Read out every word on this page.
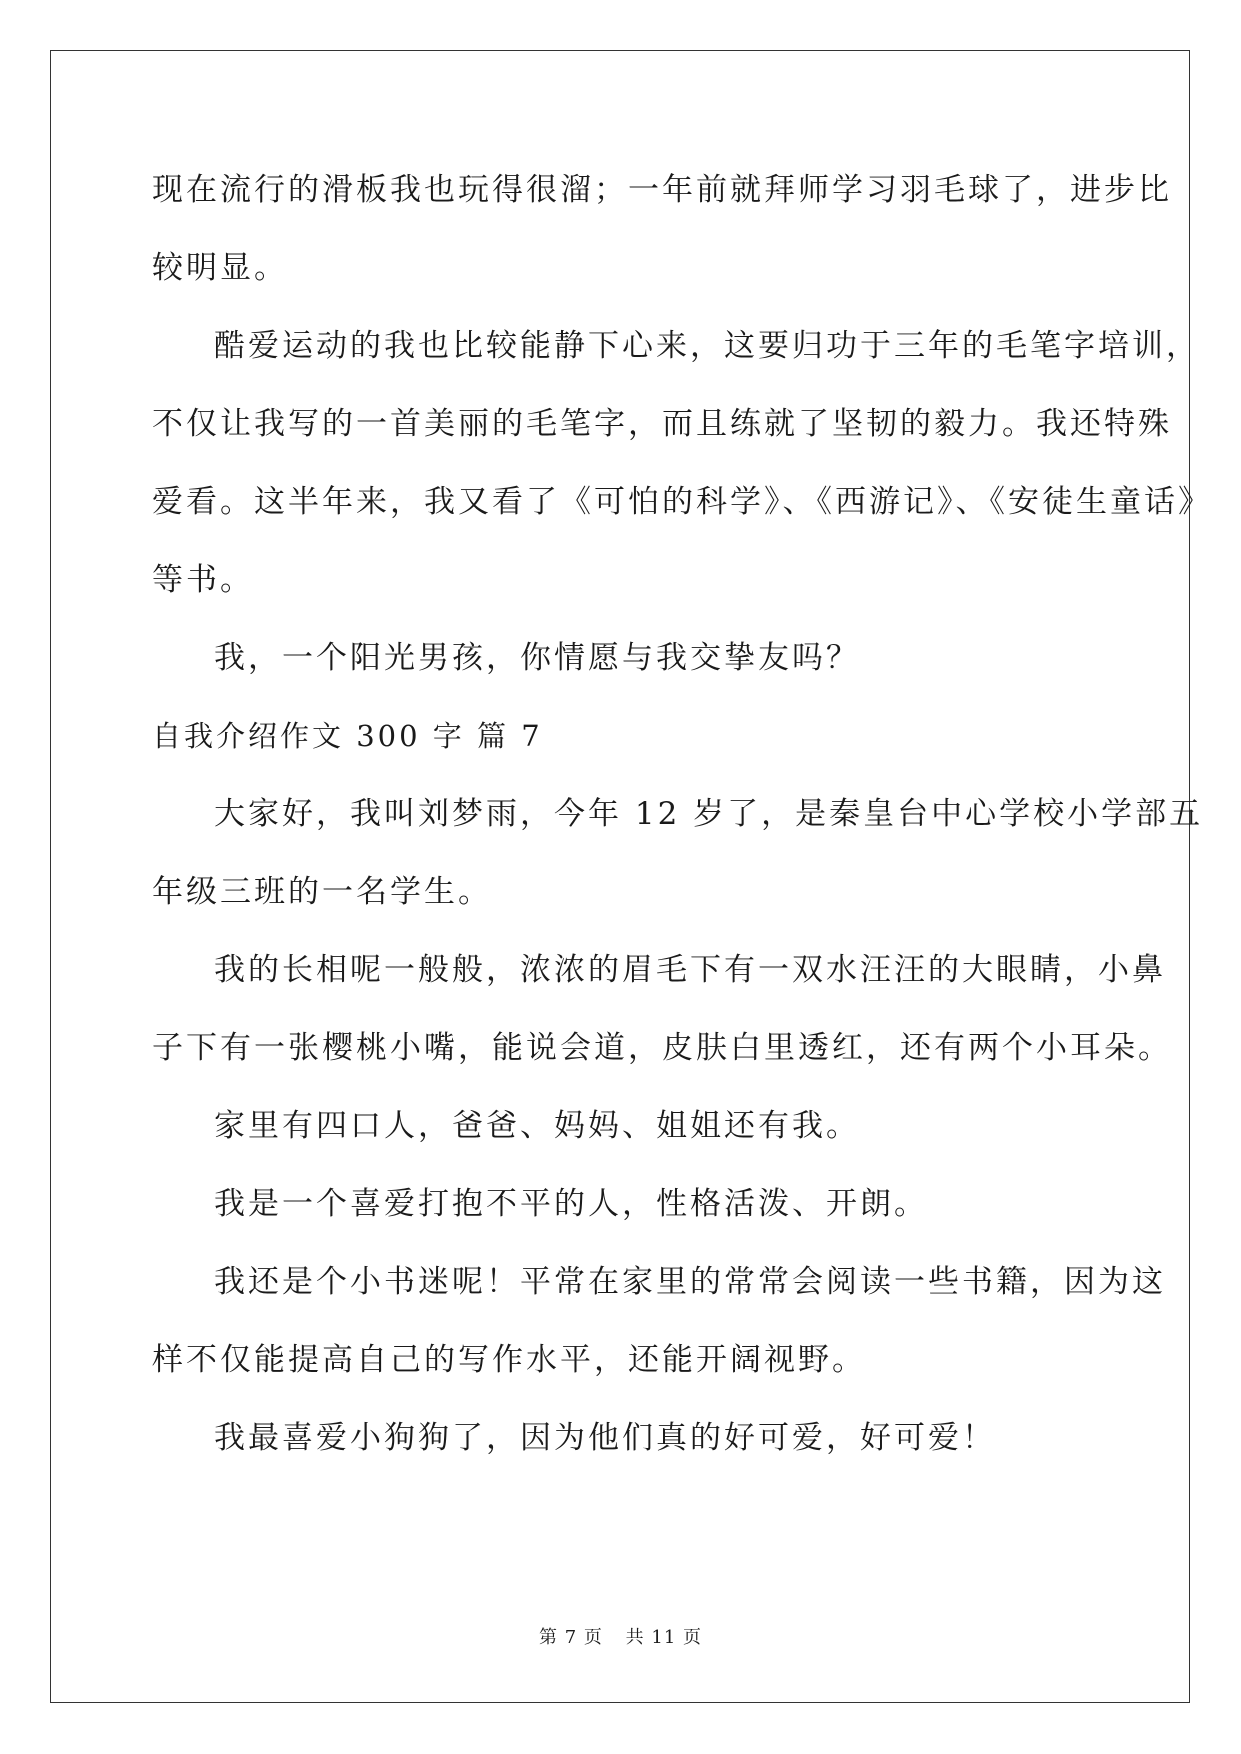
现在流行的滑板我也玩得很溜；一年前就拜师学习羽毛球了，进步比
较明显。
酷爱运动的我也比较能静下心来，这要归功于三年的毛笔字培训，
不仅让我写的一首美丽的毛笔字，而且练就了坚韧的毅力。我还特殊
爱看。这半年来，我又看了《可怕的科学》、《西游记》、《安徒生童话》
等书。
我，一个阳光男孩，你情愿与我交挚友吗？
自我介绍作文 300 字 篇 7
大家好，我叫刘梦雨，今年 12 岁了，是秦皇台中心学校小学部五
年级三班的一名学生。
我的长相呢一般般，浓浓的眉毛下有一双水汪汪的大眼睛，小鼻
子下有一张樱桃小嘴，能说会道，皮肤白里透红，还有两个小耳朵。
家里有四口人，爸爸、妈妈、姐姐还有我。
我是一个喜爱打抱不平的人，性格活泼、开朗。
我还是个小书迷呢！平常在家里的常常会阅读一些书籍，因为这
样不仅能提高自己的写作水平，还能开阔视野。
我最喜爱小狗狗了，因为他们真的好可爱，好可爱！
第 7 页 共 11 页
